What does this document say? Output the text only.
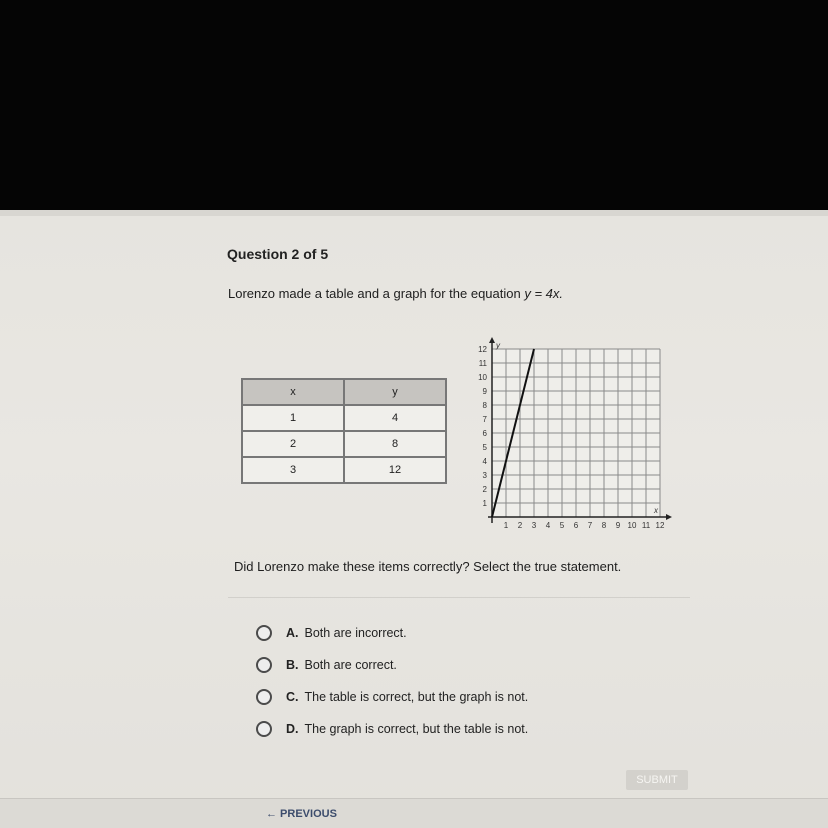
Question 2 of 5
Lorenzo made a table and a graph for the equation y = 4x.
x	y
1	4
2	8
3	12
1
2
3
4
5
6
7
8
9
10
11
12
1 2 3 4 5 6 7 8 9 10 11 12
y
x
Did Lorenzo make these items correctly? Select the true statement.
A. Both are incorrect.
B. Both are correct.
C. The table is correct, but the graph is not.
D. The graph is correct, but the table is not.
SUBMIT
← PREVIOUS
